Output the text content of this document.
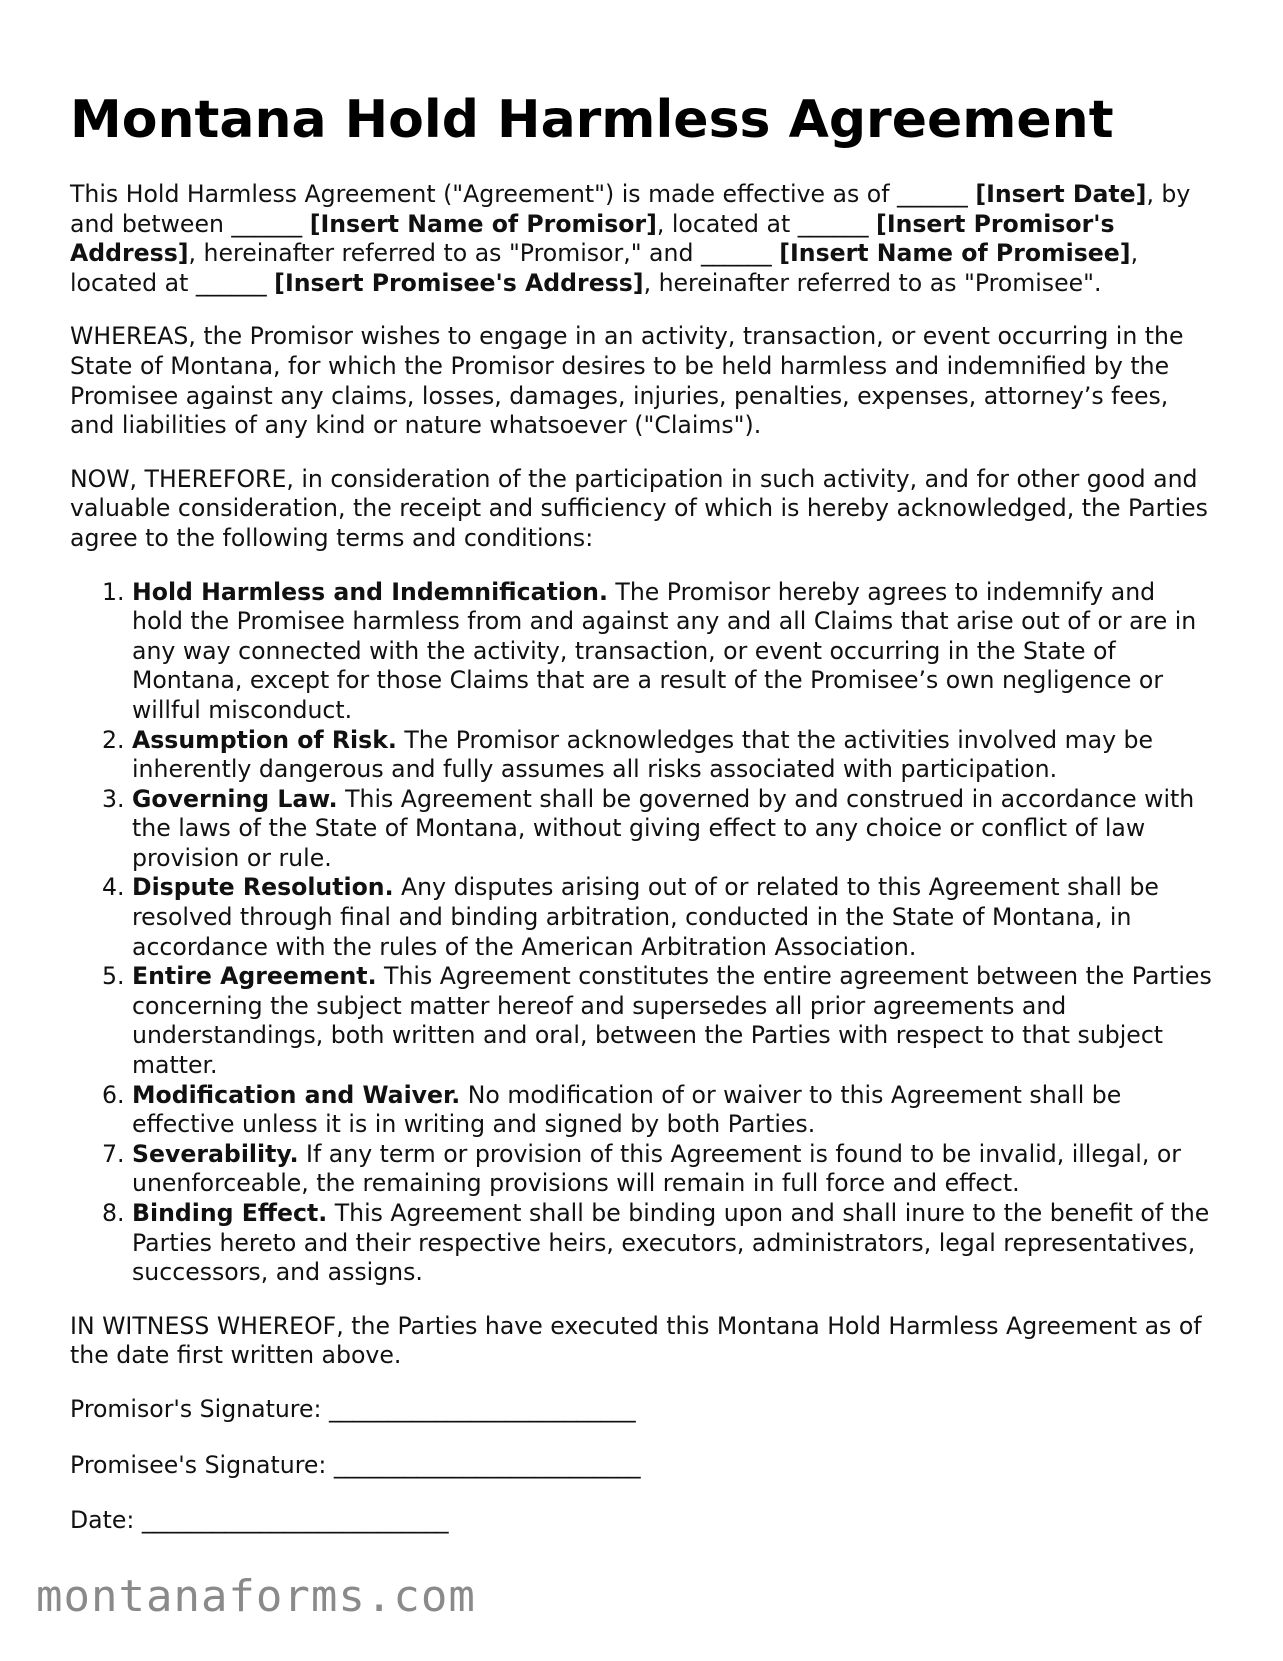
Montana Hold Harmless Agreement

This Hold Harmless Agreement ("Agreement") is made effective as of ______ [Insert Date], by and between ______ [Insert Name of Promisor], located at ______ [Insert Promisor's Address], hereinafter referred to as "Promisor," and ______ [Insert Name of Promisee], located at ______ [Insert Promisee's Address], hereinafter referred to as "Promisee".

WHEREAS, the Promisor wishes to engage in an activity, transaction, or event occurring in the State of Montana, for which the Promisor desires to be held harmless and indemnified by the Promisee against any claims, losses, damages, injuries, penalties, expenses, attorney’s fees, and liabilities of any kind or nature whatsoever ("Claims").

NOW, THEREFORE, in consideration of the participation in such activity, and for other good and valuable consideration, the receipt and sufficiency of which is hereby acknowledged, the Parties agree to the following terms and conditions:

1. Hold Harmless and Indemnification. The Promisor hereby agrees to indemnify and hold the Promisee harmless from and against any and all Claims that arise out of or are in any way connected with the activity, transaction, or event occurring in the State of Montana, except for those Claims that are a result of the Promisee’s own negligence or willful misconduct.
2. Assumption of Risk. The Promisor acknowledges that the activities involved may be inherently dangerous and fully assumes all risks associated with participation.
3. Governing Law. This Agreement shall be governed by and construed in accordance with the laws of the State of Montana, without giving effect to any choice or conflict of law provision or rule.
4. Dispute Resolution. Any disputes arising out of or related to this Agreement shall be resolved through final and binding arbitration, conducted in the State of Montana, in accordance with the rules of the American Arbitration Association.
5. Entire Agreement. This Agreement constitutes the entire agreement between the Parties concerning the subject matter hereof and supersedes all prior agreements and understandings, both written and oral, between the Parties with respect to that subject matter.
6. Modification and Waiver. No modification of or waiver to this Agreement shall be effective unless it is in writing and signed by both Parties.
7. Severability. If any term or provision of this Agreement is found to be invalid, illegal, or unenforceable, the remaining provisions will remain in full force and effect.
8. Binding Effect. This Agreement shall be binding upon and shall inure to the benefit of the Parties hereto and their respective heirs, executors, administrators, legal representatives, successors, and assigns.

IN WITNESS WHEREOF, the Parties have executed this Montana Hold Harmless Agreement as of the date first written above.

Promisor's Signature: __________________________

Promisee's Signature: __________________________

Date: __________________________

montanaforms.com
